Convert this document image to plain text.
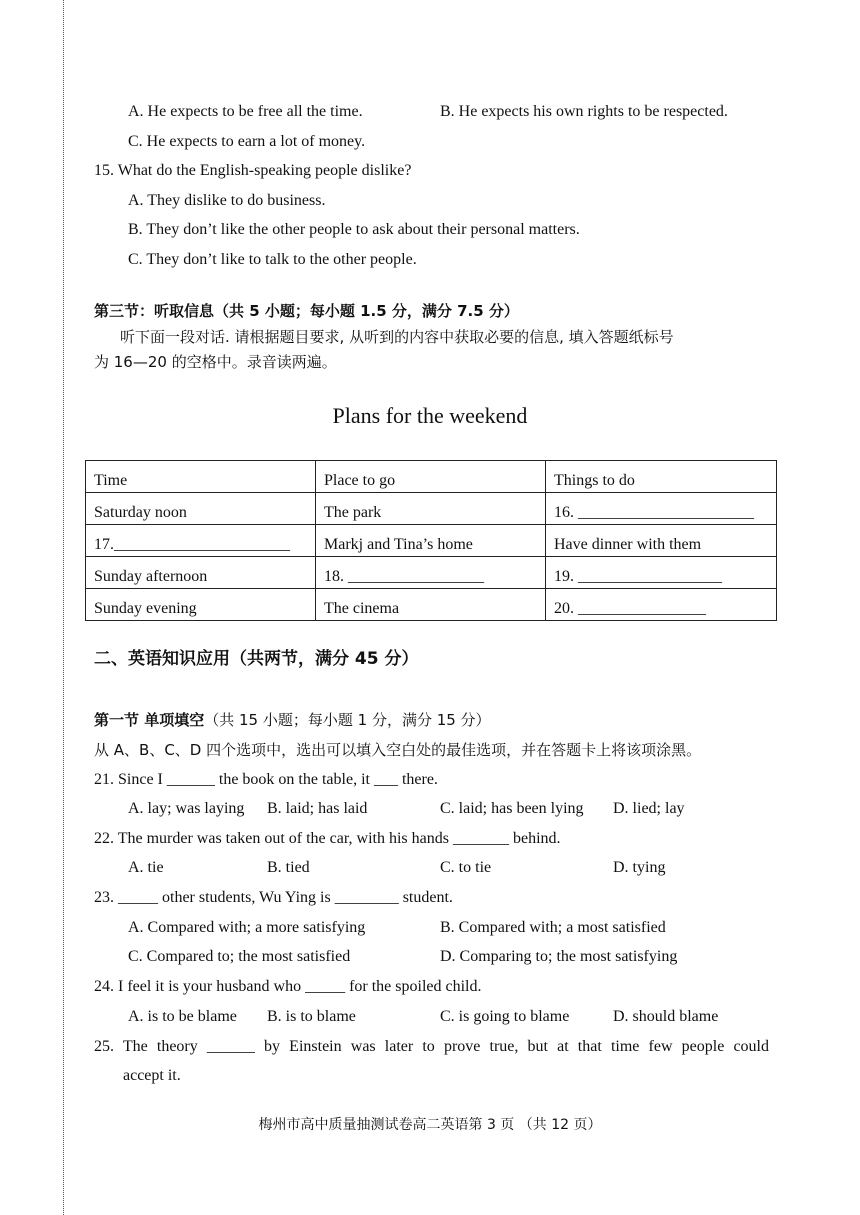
A. He expects to be free all the time.	B. He expects his own rights to be respected.
C. He expects to earn a lot of money.
15. What do the English-speaking people dislike?
A. They dislike to do business.
B. They don’t like the other people to ask about their personal matters.
C. They don’t like to talk to the other people.
第三节：听取信息（共 5 小题；每小题 1.5 分，满分 7.5 分）
听下面一段对话. 请根据题目要求, 从听到的内容中获取必要的信息, 填入答题纸标号
为 16—20 的空格中。录音读两遍。
Plans for the weekend
Time	Place to go	Things to do
Saturday noon	The park	16. ______________________
17.______________________	Markj and Tina’s home	Have dinner with them
Sunday afternoon	18. _________________	19. __________________
Sunday evening	The cinema	20. ________________
二、英语知识应用（共两节，满分 45 分）
第一节 单项填空（共 15 小题；每小题 1 分，满分 15 分）
从 A、B、C、D 四个选项中，选出可以填入空白处的最佳选项，并在答题卡上将该项涂黑。
21. Since I ______ the book on the table, it ___ there.
A. lay; was laying B. laid; has laid	C. laid; has been lying D. lied; lay
22. The murder was taken out of the car, with his hands _______ behind.
A. tie	B. tied	C. to tie	D. tying
23. _____ other students, Wu Ying is ________ student.
A. Compared with; a more satisfying	B. Compared with; a most satisfied
C. Compared to; the most satisfied	D. Comparing to; the most satisfying
24. I feel it is your husband who _____ for the spoiled child.
A. is to be blame B. is to blame	C. is going to blame	D. should blame
25. The theory ______ by Einstein was later to prove true, but at that time few people could
accept it.
梅州市高中质量抽测试卷高二英语第 3 页 （共 12 页）
